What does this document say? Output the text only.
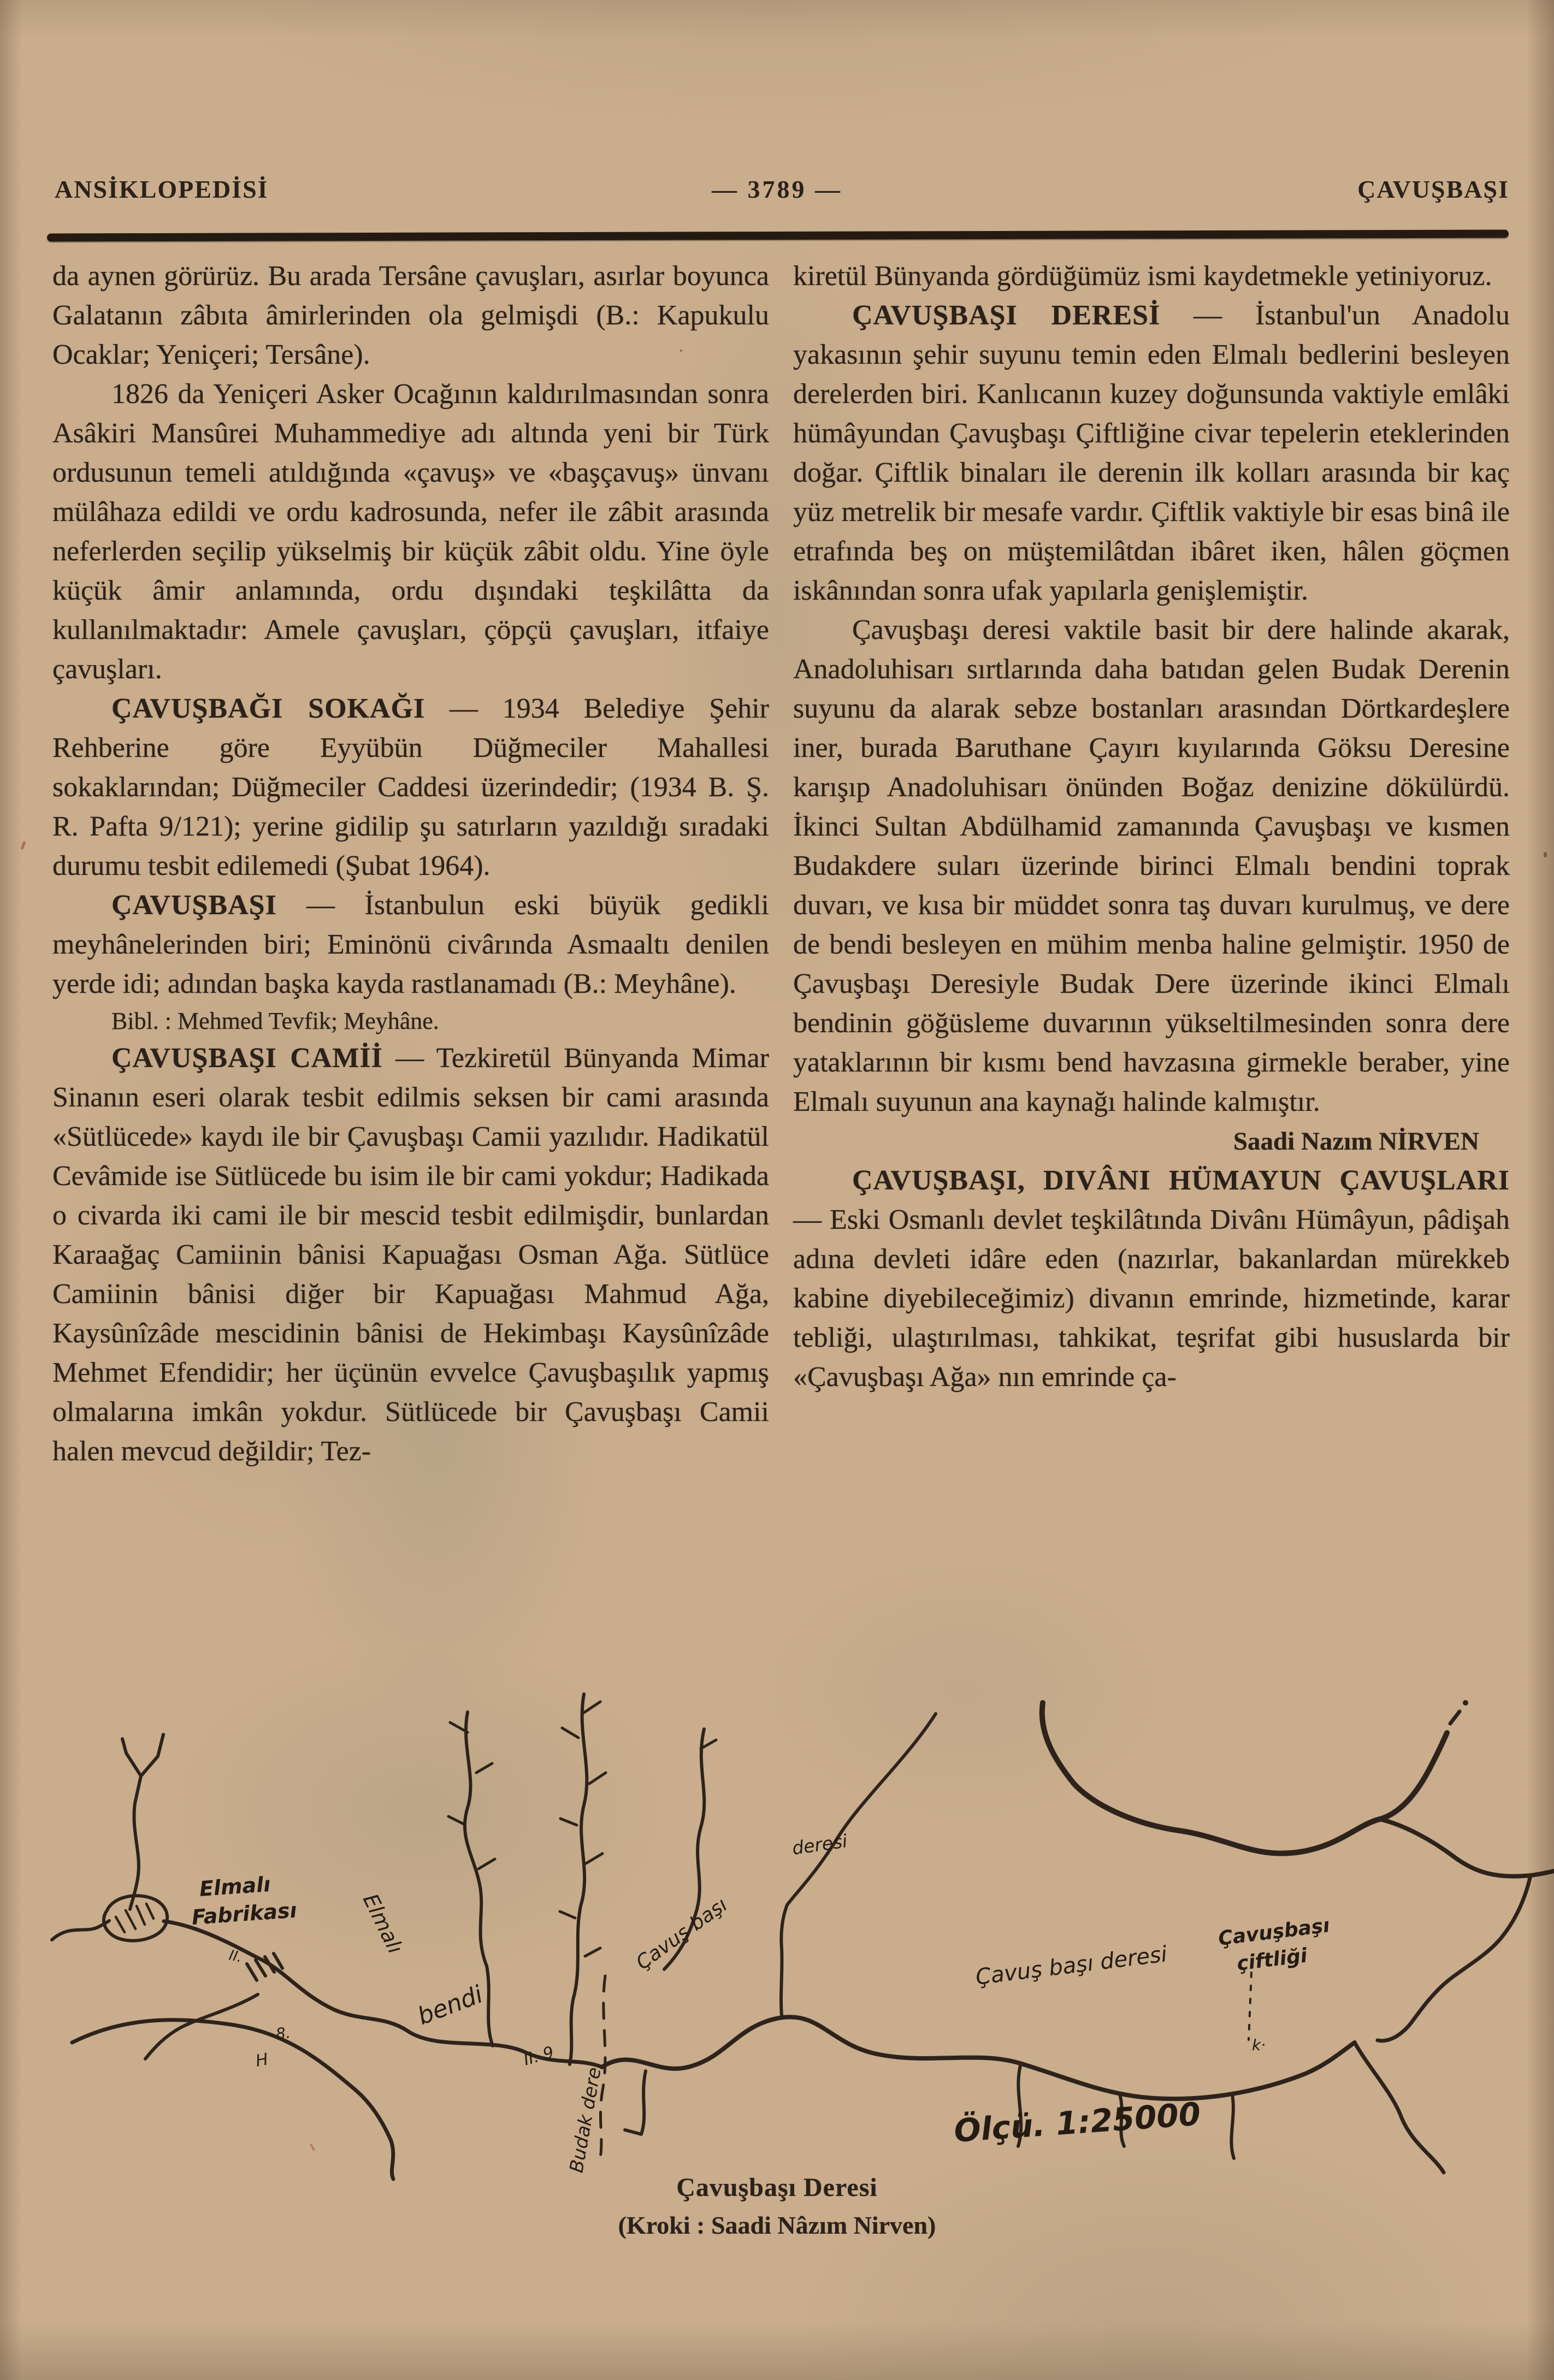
ANSİKLOPEDİSİ	— 3789 —	ÇAVUŞBAŞI

da aynen görürüz. Bu arada Tersâne çavuşları, asırlar boyunca Galatanın zâbıta âmirlerinden ola gelmişdi (B.: Kapukulu Ocaklar; Yeniçeri; Tersâne).

1826 da Yeniçeri Asker Ocağının kaldırılmasından sonra Asâkiri Mansûrei Muhammediye adı altında yeni bir Türk ordusunun temeli atıldığında «çavuş» ve «başçavuş» ünvanı mülâhaza edildi ve ordu kadrosunda, nefer ile zâbit arasında neferlerden seçilip yükselmiş bir küçük zâbit oldu. Yine öyle küçük âmir anlamında, ordu dışındaki teşkilâtta da kullanılmaktadır: Amele çavuşları, çöpçü çavuşları, itfaiye çavuşları.

ÇAVUŞBAĞI SOKAĞI — 1934 Belediye Şehir Rehberine göre Eyyübün Düğmeciler Mahallesi sokaklarından; Düğmeciler Caddesi üzerindedir; (1934 B. Ş. R. Pafta 9/121); yerine gidilip şu satırların yazıldığı sıradaki durumu tesbit edilemedi (Şubat 1964).

ÇAVUŞBAŞI — İstanbulun eski büyük gedikli meyhânelerinden biri; Eminönü civârında Asmaaltı denilen yerde idi; adından başka kayda rastlanamadı (B.: Meyhâne).

Bibl. : Mehmed Tevfik; Meyhâne.

ÇAVUŞBAŞI CAMİİ — Tezkiretül Bünyanda Mimar Sinanın eseri olarak tesbit edilmis seksen bir cami arasında «Sütlücede» kaydı ile bir Çavuşbaşı Camii yazılıdır. Hadikatül Cevâmide ise Sütlücede bu isim ile bir cami yokdur; Hadikada o civarda iki cami ile bir mescid tesbit edilmişdir, bunlardan Karaağaç Camiinin bânisi Kapuağası Osman Ağa. Sütlüce Camiinin bânisi diğer bir Kapuağası Mahmud Ağa, Kaysûnîzâde mescidinin bânisi de Hekimbaşı Kaysûnîzâde Mehmet Efendidir; her üçünün evvelce Çavuşbaşılık yapmış olmalarına imkân yokdur. Sütlücede bir Çavuşbaşı Camii halen mevcud değildir; Tez-

kiretül Bünyanda gördüğümüz ismi kaydetmekle yetiniyoruz.

ÇAVUŞBAŞI DERESİ — İstanbul'un Anadolu yakasının şehir suyunu temin eden Elmalı bedlerini besleyen derelerden biri. Kanlıcanın kuzey doğunsunda vaktiyle emlâki hümâyundan Çavuşbaşı Çiftliğine civar tepelerin eteklerinden doğar. Çiftlik binaları ile derenin ilk kolları arasında bir kaç yüz metrelik bir mesafe vardır. Çiftlik vaktiyle bir esas binâ ile etrafında beş on müştemilâtdan ibâret iken, hâlen göçmen iskânından sonra ufak yapılarla genişlemiştir.

Çavuşbaşı deresi vaktile basit bir dere halinde akarak, Anadoluhisarı sırtlarında daha batıdan gelen Budak Derenin suyunu da alarak sebze bostanları arasından Dörtkardeşlere iner, burada Baruthane Çayırı kıyılarında Göksu Deresine karışıp Anadoluhisarı önünden Boğaz denizine dökülürdü. İkinci Sultan Abdülhamid zamanında Çavuşbaşı ve kısmen Budakdere suları üzerinde birinci Elmalı bendini toprak duvarı, ve kısa bir müddet sonra taş duvarı kurulmuş, ve dere de bendi besleyen en mühim menba haline gelmiştir. 1950 de Çavuşbaşı Deresiyle Budak Dere üzerinde ikinci Elmalı bendinin göğüsleme duvarının yükseltilmesinden sonra dere yataklarının bir kısmı bend havzasına girmekle beraber, yine Elmalı suyunun ana kaynağı halinde kalmıştır.

Saadi Nazım NİRVEN

ÇAVUŞBAŞI, DIVÂNI HÜMAYUN ÇAVUŞLARI — Eski Osmanlı devlet teşkilâtında Divânı Hümâyun, pâdişah adına devleti idâre eden (nazırlar, bakanlardan mürekkeb kabine diyebileceğimiz) divanın emrinde, hizmetinde, karar tebliği, ulaştırılması, tahkikat, teşrifat gibi hususlarda bir «Çavuşbaşı Ağa» nın emrinde ça-

Elmalı
Fabrikası	Elmalı
bendi
deresi
Çavuş başı	Çavuş başı deresi
Çavuşbaşı
çiftliği
Budak dere	Ölçü. 1:25000
II.
II. 9
H
8.
k·
Çavuşbaşı Deresi
(Kroki : Saadi Nâzım Nirven)
